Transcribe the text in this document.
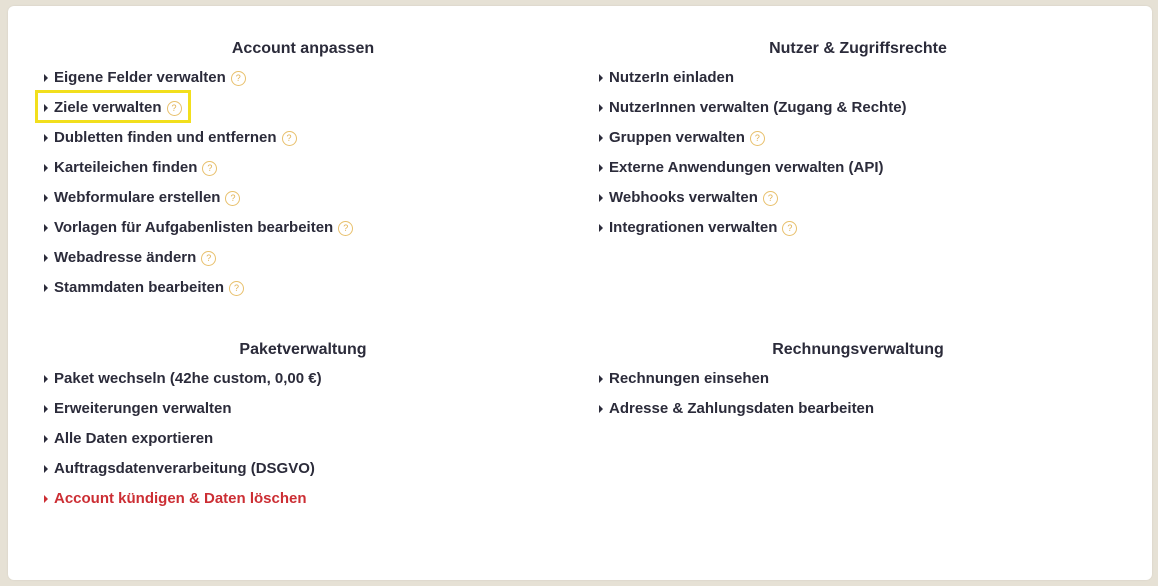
Account anpassen
Eigene Felder verwalten ?
Ziele verwalten ?
Dubletten finden und entfernen ?
Karteileichen finden ?
Webformulare erstellen ?
Vorlagen für Aufgabenlisten bearbeiten ?
Webadresse ändern ?
Stammdaten bearbeiten ?
Nutzer & Zugriffsrechte
NutzerIn einladen
NutzerInnen verwalten (Zugang & Rechte)
Gruppen verwalten ?
Externe Anwendungen verwalten (API)
Webhooks verwalten ?
Integrationen verwalten ?
Paketverwaltung
Paket wechseln (42he custom, 0,00 €)
Erweiterungen verwalten
Alle Daten exportieren
Auftragsdatenverarbeitung (DSGVO)
Account kündigen & Daten löschen
Rechnungsverwaltung
Rechnungen einsehen
Adresse & Zahlungsdaten bearbeiten
